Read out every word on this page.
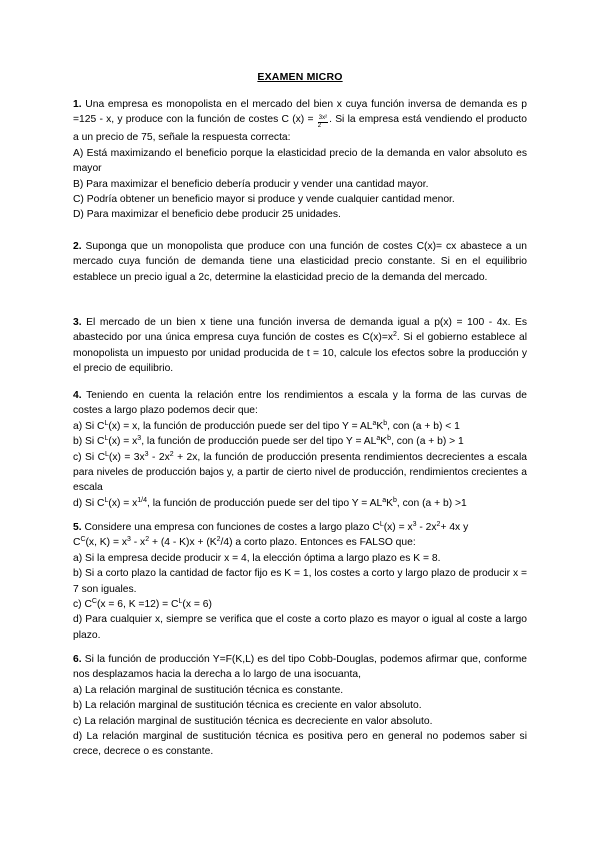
EXAMEN MICRO

1. Una empresa es monopolista en el mercado del bien x cuya función inversa de demanda es p =125 - x, y produce con la función de costes C $(x) = \frac{\text{3x²}}{2}$ . Si la empresa está vendiendo el producto a un precio de 75, señale la respuesta correcta:

A) Está maximizando el beneficio porque la elasticidad precio de la demanda en valor absoluto es mayor

B) Para maximizar el beneficio debería producir y vender una cantidad mayor.

C) Podría obtener un beneficio mayor si produce y vende cualquier cantidad menor.

D) Para maximizar el beneficio debe producir 25 unidades.

2. Suponga que un monopolista que produce con una función de costes C(x)= cx abastece a un mercado cuya función de demanda tiene una elasticidad precio constante. Si en el equilibrio establece un precio igual a 2c, determine la elasticidad precio de la demanda del mercado.

3. El mercado de un bien x tiene una función inversa de demanda igual a p(x) = 100 - 4x. Es abastecido por una única empresa cuya función de costes es $C(x)=x^2$. Si el gobierno establece al monopolista un impuesto por unidad producida de t = 10, calcule los efectos sobre la producción y el precio de equilibrio.

4. Teniendo en cuenta la relación entre los rendimientos a escala y la forma de las curvas de costes a largo plazo podemos decir que:

a) Si $C^L(x) = x$, la función de producción puede ser del tipo $Y = AL^aK^b$, con (a + b) < 1

b) Si $C^L(x) = x^3$, la función de producción puede ser del tipo $Y = AL^aK^b$, con (a + b) > 1

c) Si $C^L(x) = 3x^3 - 2x^2 + 2x$, la función de producción presenta rendimientos decrecientes a escala para niveles de producción bajos y, a partir de cierto nivel de producción, rendimientos crecientes a escala

d) Si $C^L(x) = x^{1/4}$, la función de producción puede ser del tipo $Y = AL^aK^b$, con (a + b) >1

5. Considere una empresa con funciones de costes a largo plazo $C^L(x) = x^3 - 2x^2+ 4x$ y

$C^C(x$, $K) = x^3 - x^2 + (4 - K)x + (K^2/4)$ a corto plazo. Entonces es FALSO que:

a) Si la empresa decide producir x = 4, la elección óptima a largo plazo es K = 8.

b) Si a corto plazo la cantidad de factor fijo es K = 1, los costes a corto y largo plazo de producir x = 7 son iguales.

c) $C^C(x = 6$, $K =12) = C^L(x = 6)$

d) Para cualquier x, siempre se verifica que el coste a corto plazo es mayor o igual al coste a largo plazo.

6. Si la función de producción Y=F(K,L) es del tipo Cobb-Douglas, podemos afirmar que, conforme nos desplazamos hacia la derecha a lo largo de una isocuanta,

a) La relación marginal de sustitución técnica es constante.

b) La relación marginal de sustitución técnica es creciente en valor absoluto.

c) La relación marginal de sustitución técnica es decreciente en valor absoluto.

d) La relación marginal de sustitución técnica es positiva pero en general no podemos saber si crece, decrece o es constante.
